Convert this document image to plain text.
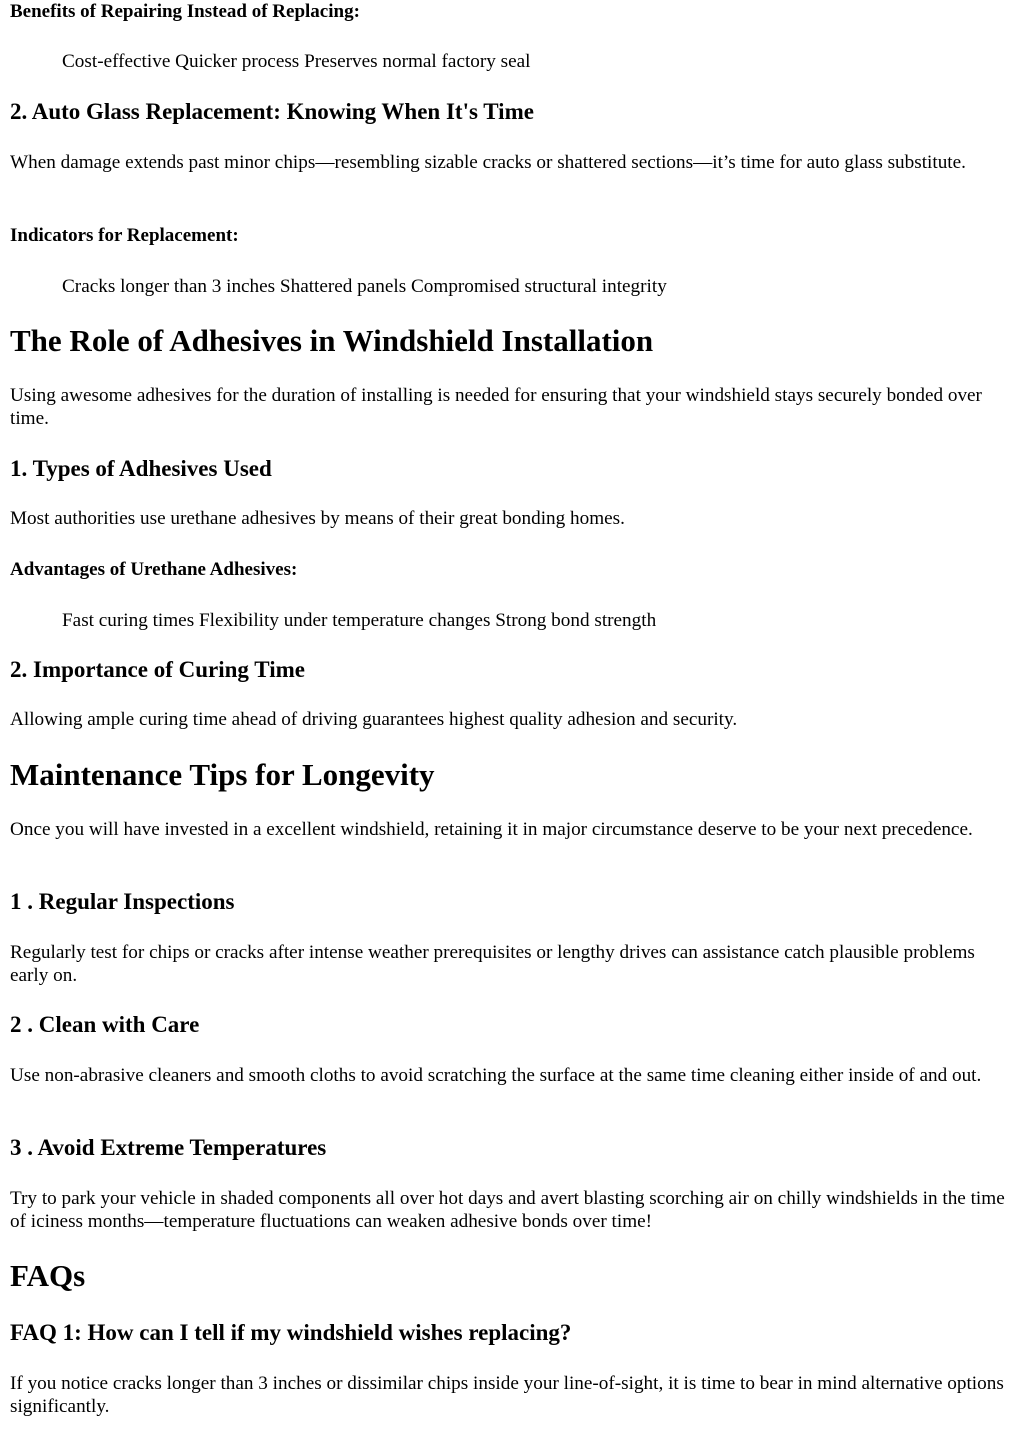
Benefits of Repairing Instead of Replacing:
Cost-effective Quicker process Preserves normal factory seal
2. Auto Glass Replacement: Knowing When It's Time

When damage extends past minor chips—resembling sizable cracks or shattered sections—it’s time for auto glass substitute.

Indicators for Replacement:
Cracks longer than 3 inches Shattered panels Compromised structural integrity
The Role of Adhesives in Windshield Installation

Using awesome adhesives for the duration of installing is needed for ensuring that your windshield stays securely bonded over time.

1. Types of Adhesives Used

Most authorities use urethane adhesives by means of their great bonding homes.

Advantages of Urethane Adhesives:
Fast curing times Flexibility under temperature changes Strong bond strength
2. Importance of Curing Time

Allowing ample curing time ahead of driving guarantees highest quality adhesion and security.

Maintenance Tips for Longevity

Once you will have invested in a excellent windshield, retaining it in major circumstance deserve to be your next precedence.

1 . Regular Inspections

Regularly test for chips or cracks after intense weather prerequisites or lengthy drives can assistance catch plausible problems early on.

2 . Clean with Care

Use non-abrasive cleaners and smooth cloths to avoid scratching the surface at the same time cleaning either inside of and out.

3 . Avoid Extreme Temperatures

Try to park your vehicle in shaded components all over hot days and avert blasting scorching air on chilly windshields in the time of iciness months—temperature fluctuations can weaken adhesive bonds over time!

FAQs
FAQ 1: How can I tell if my windshield wishes replacing?

If you notice cracks longer than 3 inches or dissimilar chips inside your line-of-sight, it is time to bear in mind alternative options significantly.
